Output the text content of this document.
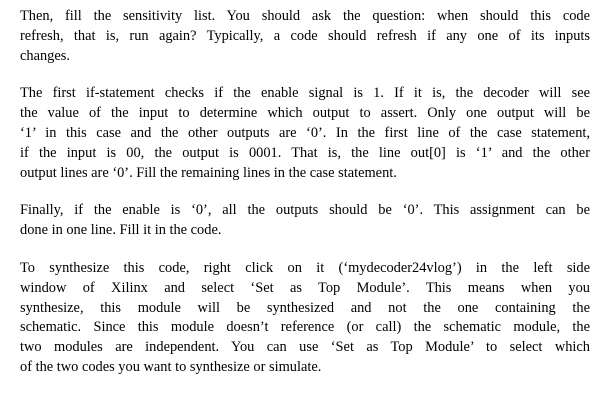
Then, fill the sensitivity list. You should ask the question: when should this code
refresh, that is, run again? Typically, a code should refresh if any one of its inputs
changes.

The first if-statement checks if the enable signal is 1. If it is, the decoder will see
the value of the input to determine which output to assert. Only one output will be
‘1’ in this case and the other outputs are ‘0’. In the first line of the case statement,
if the input is 00, the output is 0001. That is, the line out[0] is ‘1’ and the other
output lines are ‘0’. Fill the remaining lines in the case statement.

Finally, if the enable is ‘0’, all the outputs should be ‘0’. This assignment can be
done in one line. Fill it in the code.

To synthesize this code, right click on it (‘mydecoder24vlog’) in the left side
window of Xilinx and select ‘Set as Top Module’. This means when you
synthesize, this module will be synthesized and not the one containing the
schematic. Since this module doesn’t reference (or call) the schematic module, the
two modules are independent. You can use ‘Set as Top Module’ to select which
of the two codes you want to synthesize or simulate.
